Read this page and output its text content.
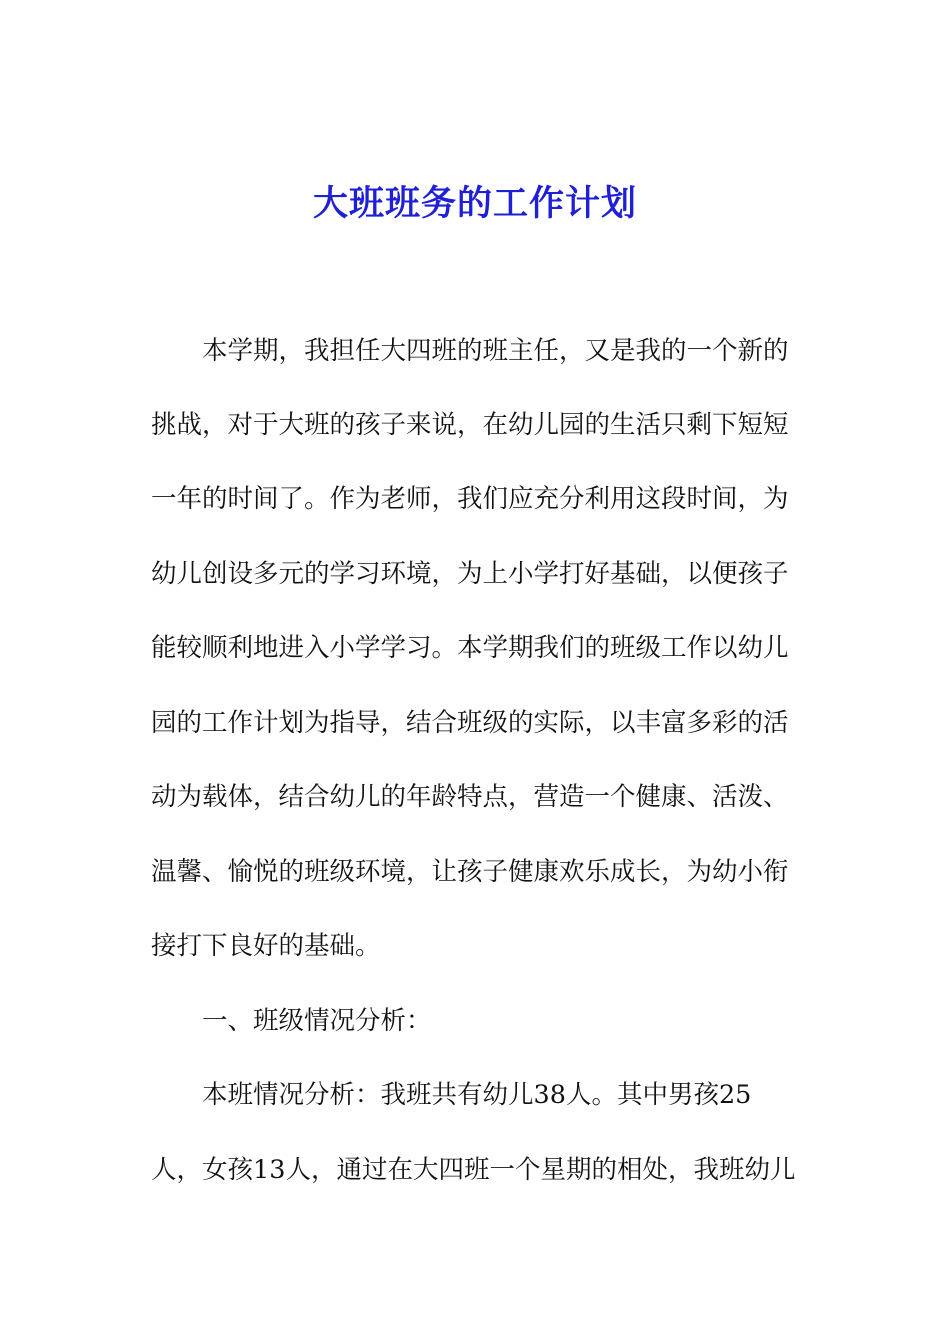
大班班务的工作计划
本学期，我担任大四班的班主任，又是我的一个新的
挑战，对于大班的孩子来说，在幼儿园的生活只剩下短短
一年的时间了。作为老师，我们应充分利用这段时间，为
幼儿创设多元的学习环境，为上小学打好基础，以便孩子
能较顺利地进入小学学习。本学期我们的班级工作以幼儿
园的工作计划为指导，结合班级的实际，以丰富多彩的活
动为载体，结合幼儿的年龄特点，营造一个健康、活泼、
温馨、愉悦的班级环境，让孩子健康欢乐成长，为幼小衔
接打下良好的基础。
一、班级情况分析：
本班情况分析：我班共有幼儿38人。其中男孩25
人，女孩13人，通过在大四班一个星期的相处，我班幼儿
